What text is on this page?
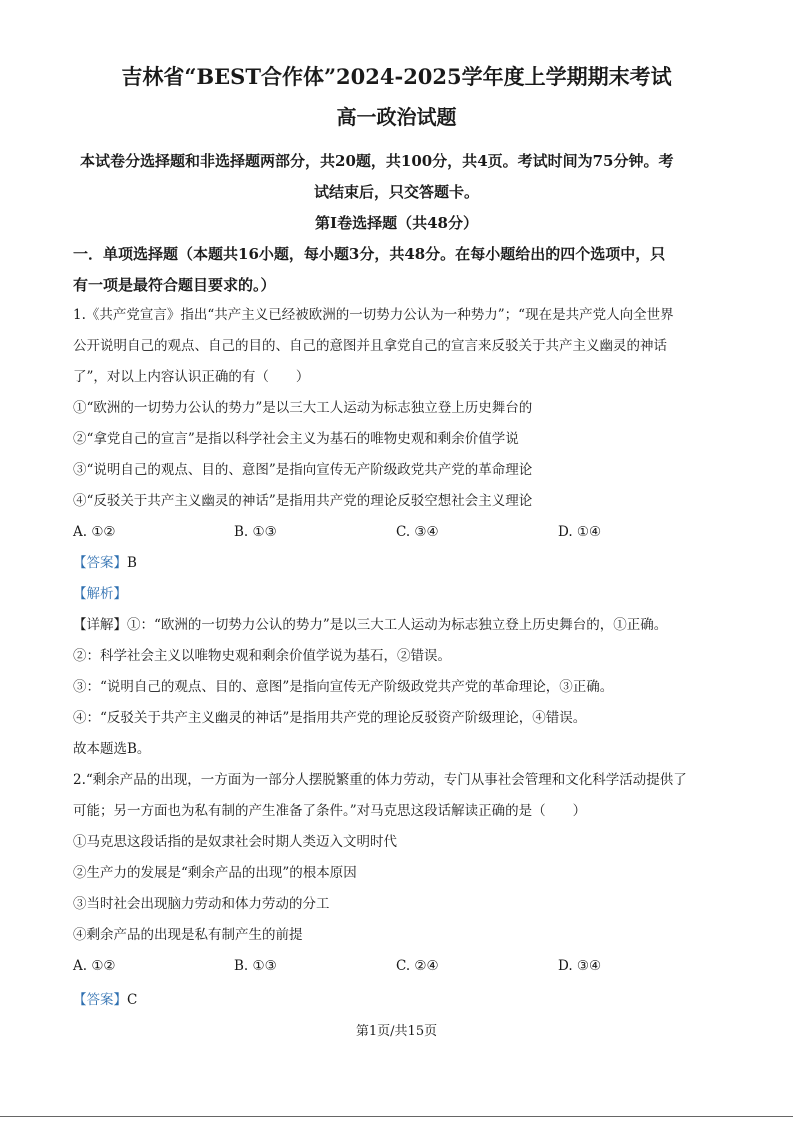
吉林省“BEST合作体”2024-2025学年度上学期期末考试
高一政治试题
本试卷分选择题和非选择题两部分，共20题，共100分，共4页。考试时间为75分钟。考
试结束后，只交答题卡。
第Ⅰ卷选择题（共48分）
一．单项选择题（本题共16小题，每小题3分，共48分。在每小题给出的四个选项中，只
有一项是最符合题目要求的。）
1.《共产党宣言》指出“共产主义已经被欧洲的一切势力公认为一种势力”；“现在是共产党人向全世界
公开说明自己的观点、自己的目的、自己的意图并且拿党自己的宣言来反驳关于共产主义幽灵的神话
了”，对以上内容认识正确的有（　　）
①“欧洲的一切势力公认的势力”是以三大工人运动为标志独立登上历史舞台的
②“拿党自己的宣言”是指以科学社会主义为基石的唯物史观和剩余价值学说
③“说明自己的观点、目的、意图”是指向宣传无产阶级政党共产党的革命理论
④“反驳关于共产主义幽灵的神话”是指用共产党的理论反驳空想社会主义理论
A. ①②	B. ①③	C. ③④	D. ①④
【答案】B
【解析】
【详解】①：“欧洲的一切势力公认的势力”是以三大工人运动为标志独立登上历史舞台的，①正确。
②：科学社会主义以唯物史观和剩余价值学说为基石，②错误。
③：“说明自己的观点、目的、意图”是指向宣传无产阶级政党共产党的革命理论，③正确。
④：“反驳关于共产主义幽灵的神话”是指用共产党的理论反驳资产阶级理论，④错误。
故本题选B。
2.“剩余产品的出现，一方面为一部分人摆脱繁重的体力劳动，专门从事社会管理和文化科学活动提供了
可能；另一方面也为私有制的产生准备了条件。”对马克思这段话解读正确的是（　　）
①马克思这段话指的是奴隶社会时期人类迈入文明时代
②生产力的发展是“剩余产品的出现”的根本原因
③当时社会出现脑力劳动和体力劳动的分工
④剩余产品的出现是私有制产生的前提
A. ①②	B. ①③	C. ②④	D. ③④
【答案】C
第1页/共15页
